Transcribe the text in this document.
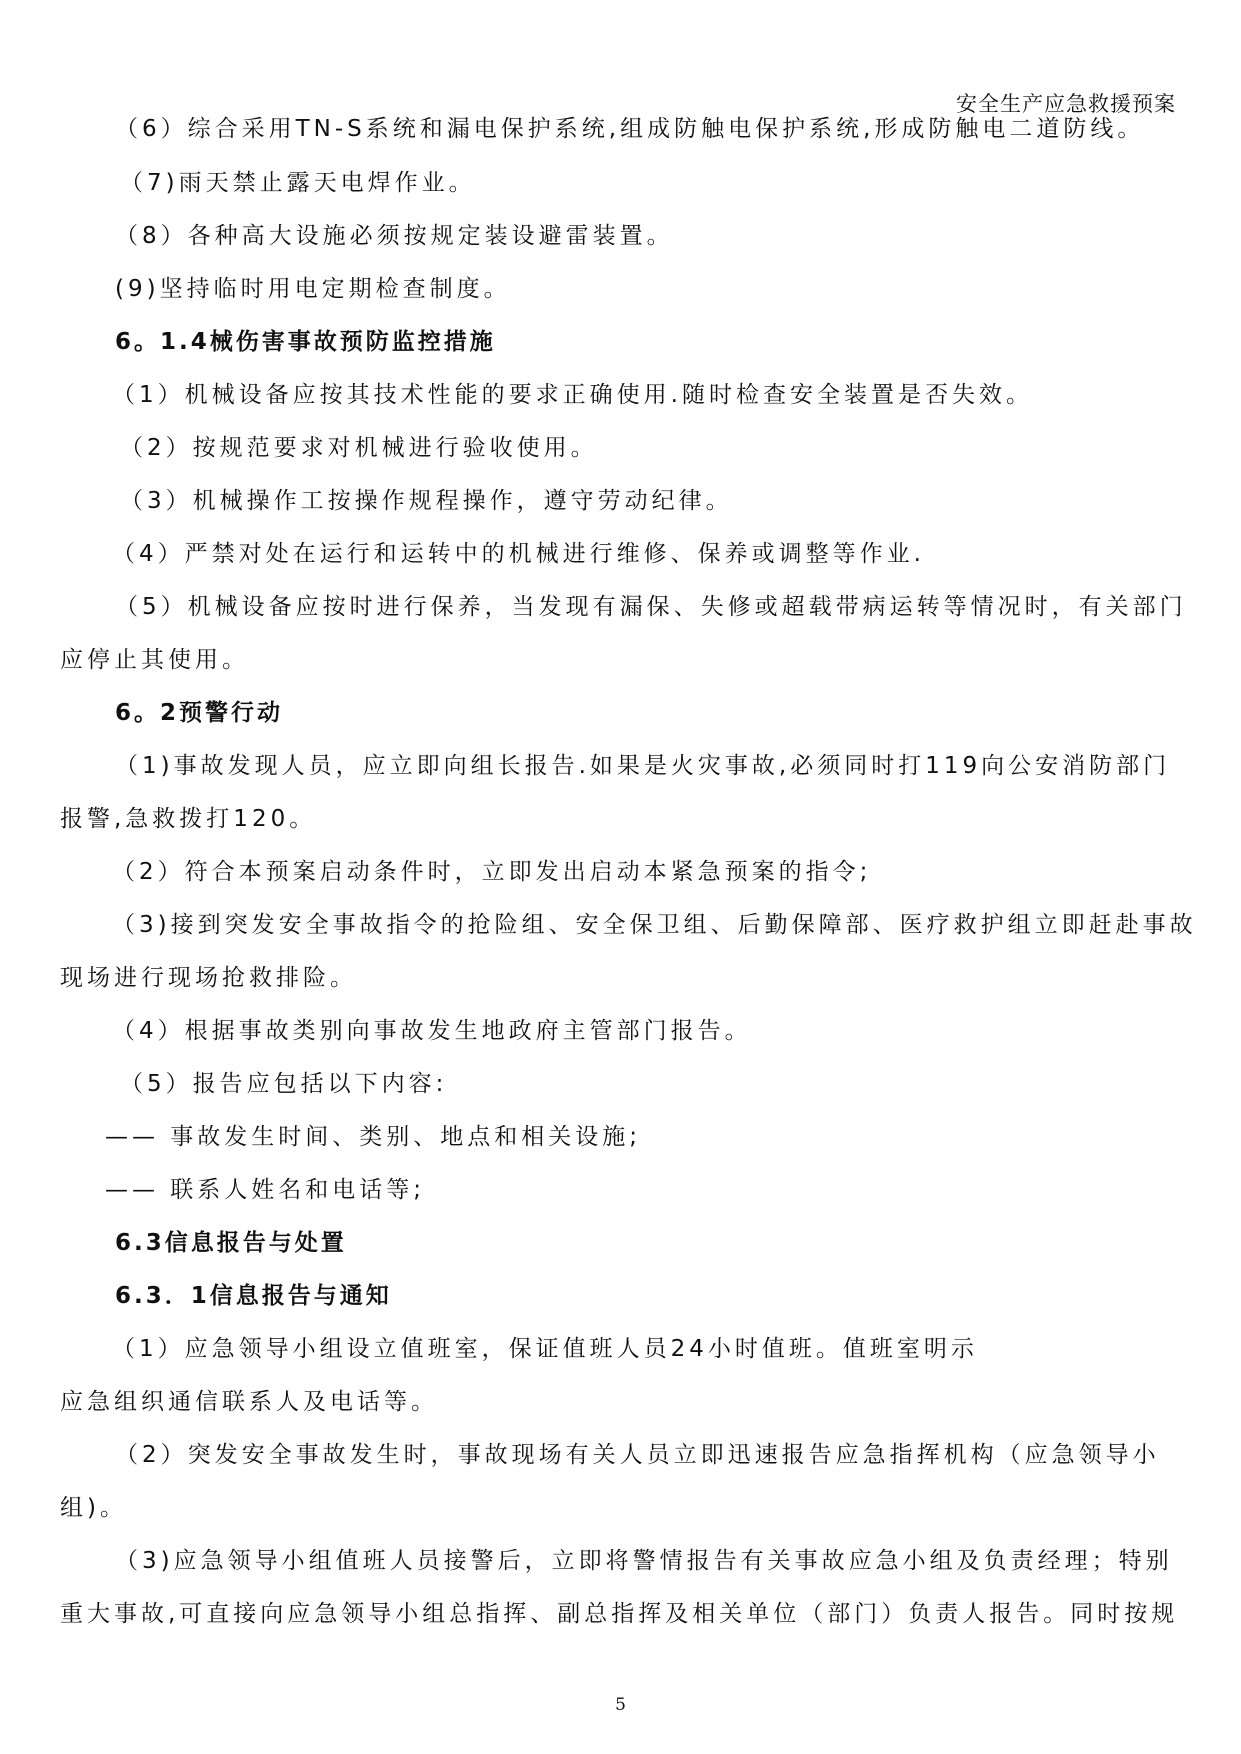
安全生产应急救援预案

（6）综合采用TN-S系统和漏电保护系统,组成防触电保护系统,形成防触电二道防线。

（7)雨天禁止露天电焊作业。

（8）各种高大设施必须按规定装设避雷装置。

(9)坚持临时用电定期检查制度。

6。1.4械伤害事故预防监控措施

（1）机械设备应按其技术性能的要求正确使用.随时检查安全装置是否失效。

（2）按规范要求对机械进行验收使用。

（3）机械操作工按操作规程操作，遵守劳动纪律。

（4）严禁对处在运行和运转中的机械进行维修、保养或调整等作业.

（5）机械设备应按时进行保养，当发现有漏保、失修或超载带病运转等情况时，有关部门

应停止其使用。

6。2预警行动

（1)事故发现人员，应立即向组长报告.如果是火灾事故,必须同时打119向公安消防部门

报警,急救拨打120。

（2）符合本预案启动条件时，立即发出启动本紧急预案的指令;

（3)接到突发安全事故指令的抢险组、安全保卫组、后勤保障部、医疗救护组立即赶赴事故

现场进行现场抢救排险。

（4）根据事故类别向事故发生地政府主管部门报告。

（5）报告应包括以下内容:

—— 事故发生时间、类别、地点和相关设施;

—— 联系人姓名和电话等;

6.3信息报告与处置

6.3．1信息报告与通知

（1）应急领导小组设立值班室，保证值班人员24小时值班。值班室明示

应急组织通信联系人及电话等。

（2）突发安全事故发生时，事故现场有关人员立即迅速报告应急指挥机构（应急领导小

组)。

（3)应急领导小组值班人员接警后，立即将警情报告有关事故应急小组及负责经理；特别

重大事故,可直接向应急领导小组总指挥、副总指挥及相关单位（部门）负责人报告。同时按规

5
